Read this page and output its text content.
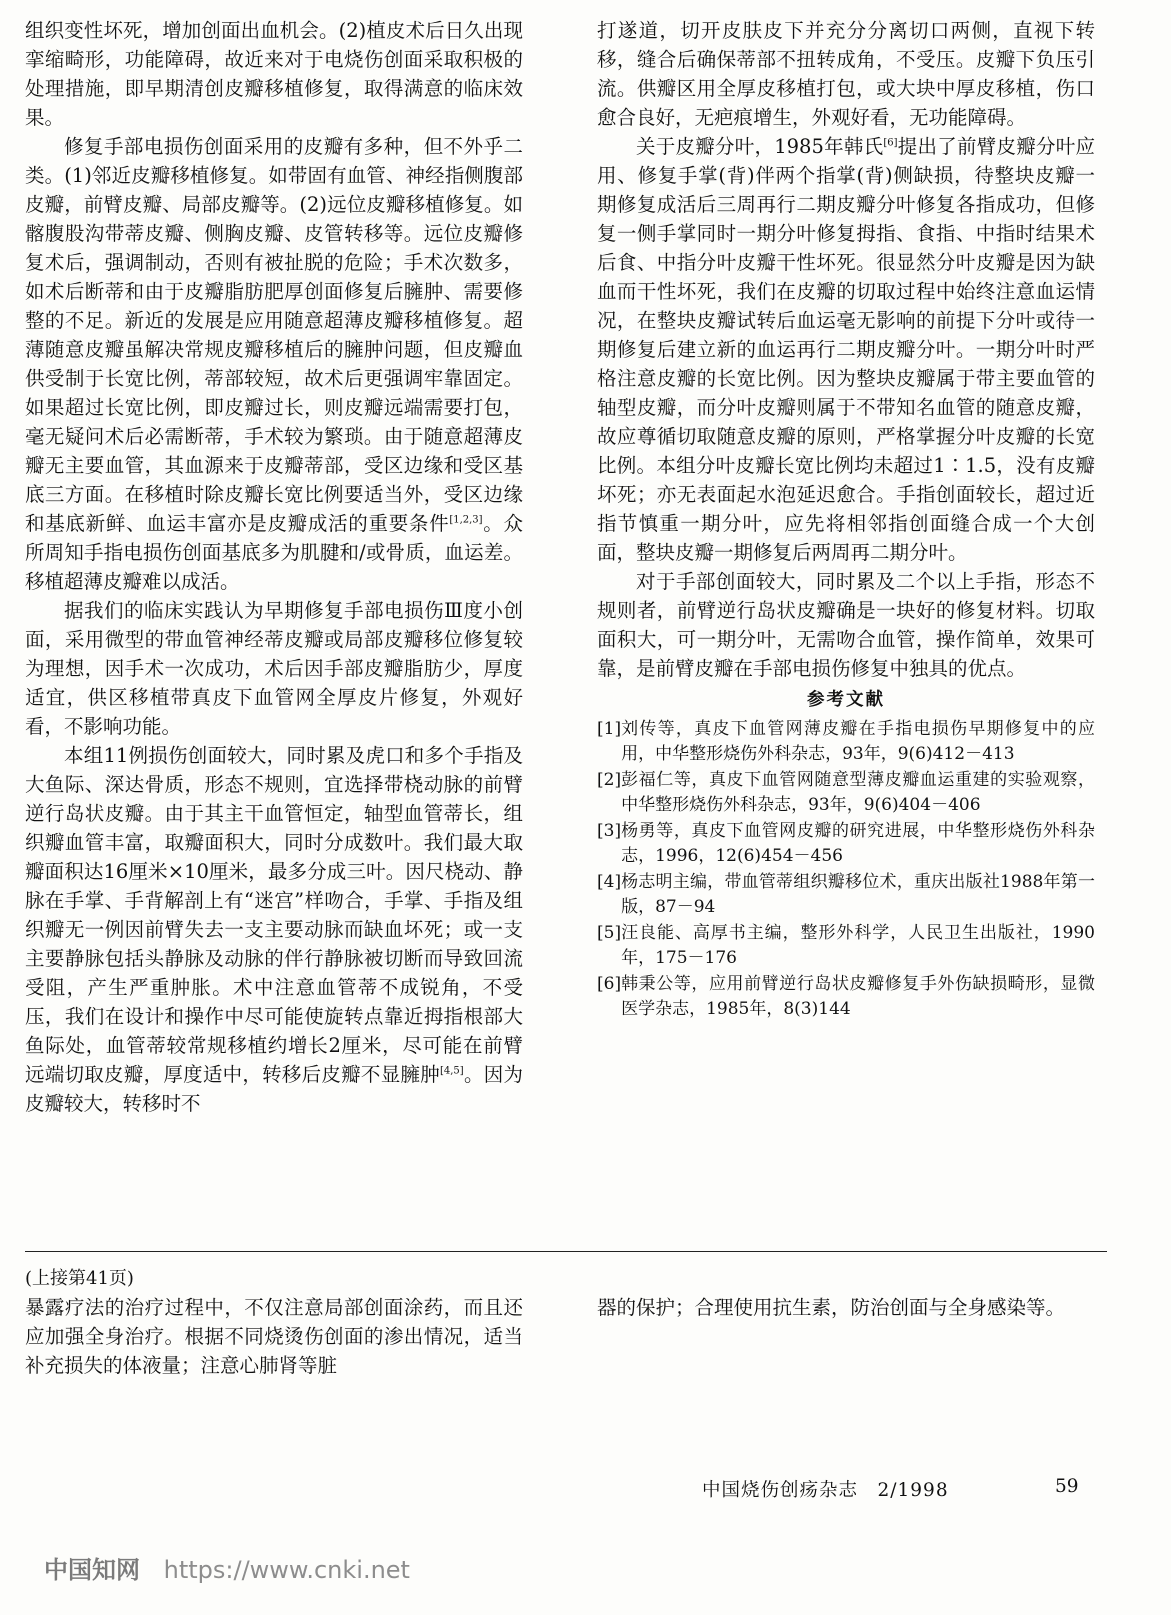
组织变性坏死，增加创面出血机会。(2)植皮术后日久出现挛缩畸形，功能障碍，故近来对于电烧伤创面采取积极的处理措施，即早期清创皮瓣移植修复，取得满意的临床效果。

修复手部电损伤创面采用的皮瓣有多种，但不外乎二类。(1)邻近皮瓣移植修复。如带固有血管、神经指侧腹部皮瓣，前臂皮瓣、局部皮瓣等。(2)远位皮瓣移植修复。如髂腹股沟带蒂皮瓣、侧胸皮瓣、皮管转移等。远位皮瓣修复术后，强调制动，否则有被扯脱的危险；手术次数多，如术后断蒂和由于皮瓣脂肪肥厚创面修复后臃肿、需要修整的不足。新近的发展是应用随意超薄皮瓣移植修复。超薄随意皮瓣虽解决常规皮瓣移植后的臃肿问题，但皮瓣血供受制于长宽比例，蒂部较短，故术后更强调牢靠固定。如果超过长宽比例，即皮瓣过长，则皮瓣远端需要打包，毫无疑问术后必需断蒂，手术较为繁琐。由于随意超薄皮瓣无主要血管，其血源来于皮瓣蒂部，受区边缘和受区基底三方面。在移植时除皮瓣长宽比例要适当外，受区边缘和基底新鲜、血运丰富亦是皮瓣成活的重要条件[1,2,3]。众所周知手指电损伤创面基底多为肌腱和/或骨质，血运差。移植超薄皮瓣难以成活。

据我们的临床实践认为早期修复手部电损伤Ⅲ度小创面，采用微型的带血管神经蒂皮瓣或局部皮瓣移位修复较为理想，因手术一次成功，术后因手部皮瓣脂肪少，厚度适宜，供区移植带真皮下血管网全厚皮片修复，外观好看，不影响功能。

本组11例损伤创面较大，同时累及虎口和多个手指及大鱼际、深达骨质，形态不规则，宜选择带桡动脉的前臂逆行岛状皮瓣。由于其主干血管恒定，轴型血管蒂长，组织瓣血管丰富，取瓣面积大，同时分成数叶。我们最大取瓣面积达16厘米×10厘米，最多分成三叶。因尺桡动、静脉在手掌、手背解剖上有“迷宫”样吻合，手掌、手指及组织瓣无一例因前臂失去一支主要动脉而缺血坏死；或一支主要静脉包括头静脉及动脉的伴行静脉被切断而导致回流受阻，产生严重肿胀。术中注意血管蒂不成锐角，不受压，我们在设计和操作中尽可能使旋转点靠近拇指根部大鱼际处，血管蒂较常规移植约增长2厘米，尽可能在前臂远端切取皮瓣，厚度适中，转移后皮瓣不显臃肿[4,5]。因为皮瓣较大，转移时不

打遂道，切开皮肤皮下并充分分离切口两侧，直视下转移，缝合后确保蒂部不扭转成角，不受压。皮瓣下负压引流。供瓣区用全厚皮移植打包，或大块中厚皮移植，伤口愈合良好，无疤痕增生，外观好看，无功能障碍。

关于皮瓣分叶，1985年韩氏[6]提出了前臂皮瓣分叶应用、修复手掌(背)伴两个指掌(背)侧缺损，待整块皮瓣一期修复成活后三周再行二期皮瓣分叶修复各指成功，但修复一侧手掌同时一期分叶修复拇指、食指、中指时结果术后食、中指分叶皮瓣干性坏死。很显然分叶皮瓣是因为缺血而干性坏死，我们在皮瓣的切取过程中始终注意血运情况，在整块皮瓣试转后血运毫无影响的前提下分叶或待一期修复后建立新的血运再行二期皮瓣分叶。一期分叶时严格注意皮瓣的长宽比例。因为整块皮瓣属于带主要血管的轴型皮瓣，而分叶皮瓣则属于不带知名血管的随意皮瓣，故应尊循切取随意皮瓣的原则，严格掌握分叶皮瓣的长宽比例。本组分叶皮瓣长宽比例均未超过1∶1.5，没有皮瓣坏死；亦无表面起水泡延迟愈合。手指创面较长，超过近指节慎重一期分叶，应先将相邻指创面缝合成一个大创面，整块皮瓣一期修复后两周再二期分叶。

对于手部创面较大，同时累及二个以上手指，形态不规则者，前臂逆行岛状皮瓣确是一块好的修复材料。切取面积大，可一期分叶，无需吻合血管，操作简单，效果可靠，是前臂皮瓣在手部电损伤修复中独具的优点。

参考文献
[1] 刘传等，真皮下血管网薄皮瓣在手指电损伤早期修复中的应用，中华整形烧伤外科杂志，93年，9(6)412－413
[2] 彭福仁等，真皮下血管网随意型薄皮瓣血运重建的实验观察，中华整形烧伤外科杂志，93年，9(6)404－406
[3] 杨勇等，真皮下血管网皮瓣的研究进展，中华整形烧伤外科杂志，1996，12(6)454－456
[4] 杨志明主编，带血管蒂组织瓣移位术，重庆出版社1988年第一版，87－94
[5] 汪良能、高厚书主编，整形外科学，人民卫生出版社，1990年，175－176
[6] 韩秉公等，应用前臂逆行岛状皮瓣修复手外伤缺损畸形，显微医学杂志，1985年，8(3)144
(上接第41页)

暴露疗法的治疗过程中，不仅注意局部创面涂药，而且还应加强全身治疗。根据不同烧烫伤创面的渗出情况，适当补充损失的体液量；注意心肺肾等脏

器的保护；合理使用抗生素，防治创面与全身感染等。

中国烧伤创疡杂志　2/1998	59
中国知网 https://www.cnki.net
